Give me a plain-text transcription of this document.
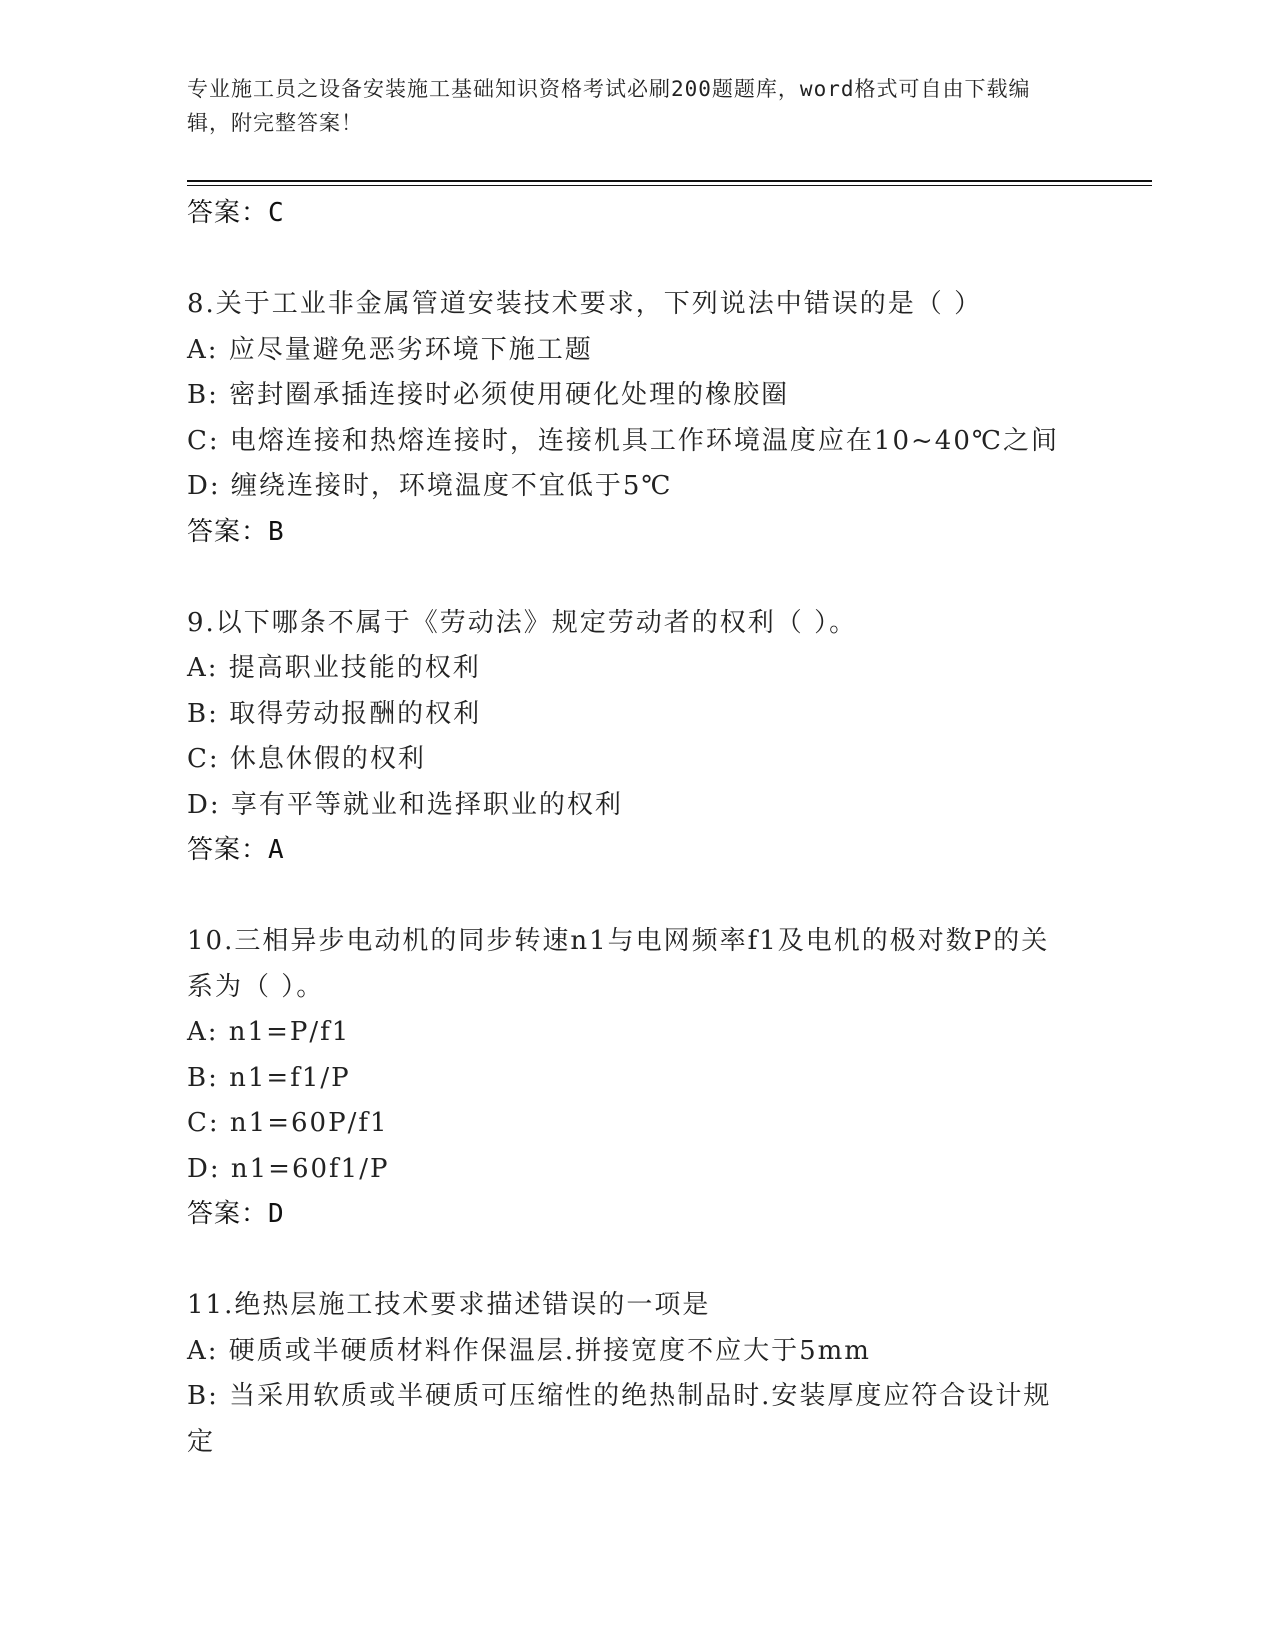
专业施工员之设备安装施工基础知识资格考试必刷200题题库，word格式可自由下载编辑，附完整答案！
答案：C
8.关于工业非金属管道安装技术要求，下列说法中错误的是（ ）
A: 应尽量避免恶劣环境下施工题
B: 密封圈承插连接时必须使用硬化处理的橡胶圈
C: 电熔连接和热熔连接时，连接机具工作环境温度应在10~40℃之间
D: 缠绕连接时，环境温度不宜低于5℃
答案：B
9.以下哪条不属于《劳动法》规定劳动者的权利（ ）。
A: 提高职业技能的权利
B: 取得劳动报酬的权利
C: 休息休假的权利
D: 享有平等就业和选择职业的权利
答案：A
10.三相异步电动机的同步转速n1与电网频率f1及电机的极对数P的关系为（ ）。
A: n1=P/f1
B: n1=f1/P
C: n1=60P/f1
D: n1=60f1/P
答案：D
11.绝热层施工技术要求描述错误的一项是
A: 硬质或半硬质材料作保温层.拼接宽度不应大于5mm
B: 当采用软质或半硬质可压缩性的绝热制品时.安装厚度应符合设计规定
